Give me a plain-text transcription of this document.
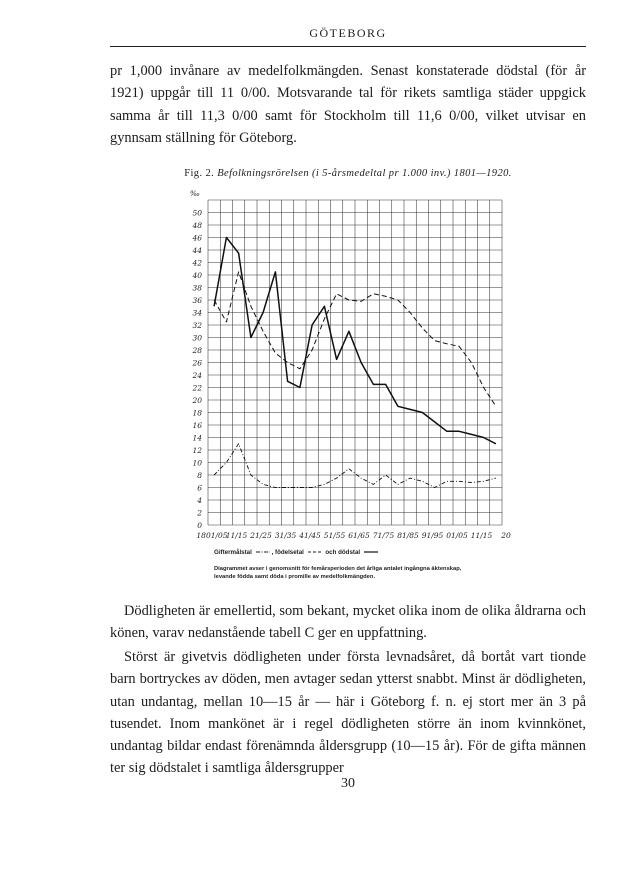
GÖTEBORG
pr 1,000 invånare av medelfolkmängden. Senast konstaterade dödstal (för år 1921) uppgår till 11 0/00. Motsvarande tal för rikets samtliga städer uppgick samma år till 11,3 0/00 samt för Stockholm till 11,6 0/00, vilket utvisar en gynnsam ställning för Göteborg.
Fig. 2. Befolkningsrörelsen (i 5-årsmedeltal pr 1.000 inv.) 1801—1920.
50
48
46
44
42
40
38
36
34
32
30
28
26
24
22
20
18
16
14
12
10
8
6
4
2
0
‰
1801/05
11/15 21/25 31/35 41/45 51/55 61/65 71/75 81/85 91/95 01/05 11/15 20
Giftermålstal	, födelsetal	och dödstal
Diagrammet avser i genomsnitt för femårsperioden det årliga antalet ingångna äktenskap,
levande födda samt döda i promille av medelfolkmängden.
Dödligheten är emellertid, som bekant, mycket olika inom de olika åldrarna och könen, varav nedanstående tabell C ger en uppfattning.
Störst är givetvis dödligheten under första levnadsåret, då bortåt vart tionde barn bortryckes av döden, men avtager sedan ytterst snabbt. Minst är dödligheten, utan undantag, mellan 10—15 år — här i Göteborg f. n. ej stort mer än 3 på tusendet. Inom mankönet är i regel dödligheten större än inom kvinnkönet, undantag bildar endast förenämnda åldersgrupp (10—15 år). För de gifta männen ter sig dödstalet i samtliga åldersgrupper
30
